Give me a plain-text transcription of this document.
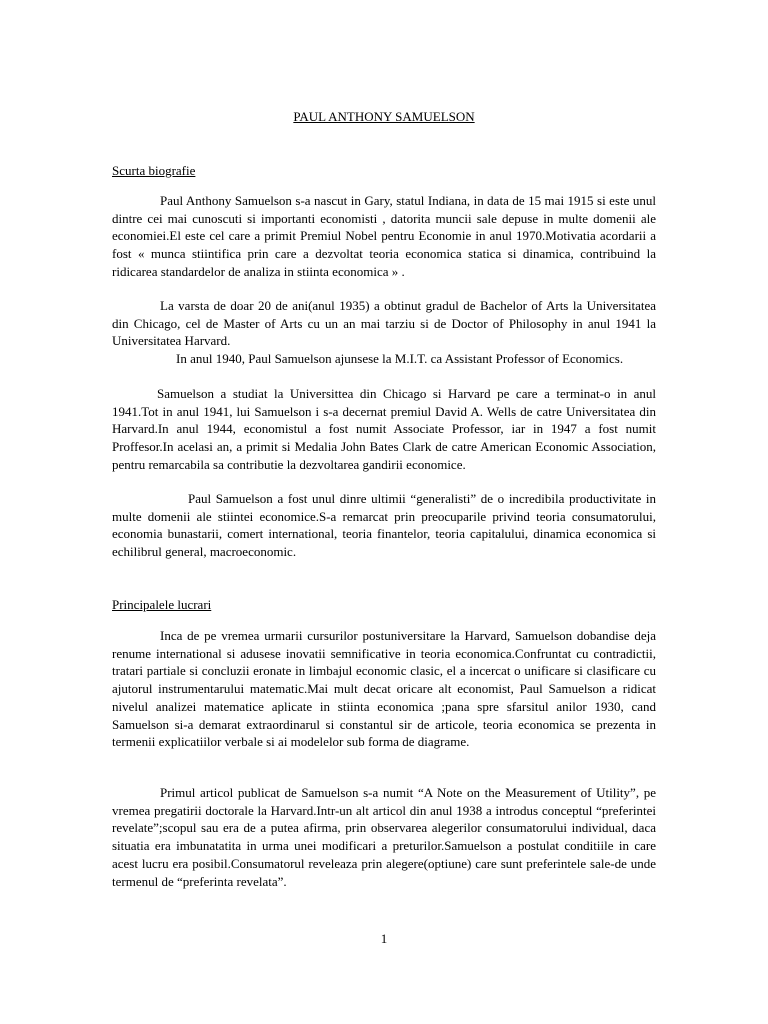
PAUL ANTHONY SAMUELSON
Scurta biografie

Paul Anthony Samuelson s-a nascut in Gary, statul Indiana, in data de 15 mai 1915 si este unul dintre cei mai cunoscuti si importanti economisti , datorita muncii sale depuse in multe domenii ale economiei.El este cel care a primit Premiul Nobel pentru Economie in anul 1970.Motivatia acordarii a fost « munca stiintifica prin care a dezvoltat teoria economica statica si dinamica, contribuind la ridicarea standardelor de analiza in stiinta economica » .

La varsta de doar 20 de ani(anul 1935) a obtinut gradul de Bachelor of Arts la Universitatea din Chicago, cel de Master of Arts cu un an mai tarziu si de Doctor of Philosophy in anul 1941 la Universitatea Harvard.

In anul 1940, Paul Samuelson ajunsese la M.I.T. ca Assistant Professor of Economics.

Samuelson a studiat la Universittea din Chicago si Harvard pe care a terminat-o in anul 1941.Tot in anul 1941, lui Samuelson i s-a decernat premiul David A. Wells de catre Universitatea din Harvard.In anul 1944, economistul a fost numit Associate Professor, iar in 1947 a fost numit Proffesor.In acelasi an, a primit si Medalia John Bates Clark de catre American Economic Association, pentru remarcabila sa contributie la dezvoltarea gandirii economice.

Paul Samuelson a fost unul dinre ultimii “generalisti” de o incredibila productivitate in multe domenii ale stiintei economice.S-a remarcat prin preocuparile privind teoria consumatorului, economia bunastarii, comert international, teoria finantelor, teoria capitalului, dinamica economica si echilibrul general, macroeconomic.

Principalele lucrari

Inca de pe vremea urmarii cursurilor postuniversitare la Harvard, Samuelson dobandise deja renume international si adusese inovatii semnificative in teoria economica.Confruntat cu contradictii, tratari partiale si concluzii eronate in limbajul economic clasic, el a incercat o unificare si clasificare cu ajutorul instrumentarului matematic.Mai mult decat oricare alt economist, Paul Samuelson a ridicat nivelul analizei matematice aplicate in stiinta economica ;pana spre sfarsitul anilor 1930, cand Samuelson si-a demarat extraordinarul si constantul sir de articole, teoria economica se prezenta in termenii explicatiilor verbale si ai modelelor sub forma de diagrame.

Primul articol publicat de Samuelson s-a numit “A Note on the Measurement of Utility”, pe vremea pregatirii doctorale la Harvard.Intr-un alt articol din anul 1938 a introdus conceptul “preferintei revelate”;scopul sau era de a putea afirma, prin observarea alegerilor consumatorului individual, daca situatia era imbunatatita in urma unei modificari a preturilor.Samuelson a postulat conditiile in care acest lucru era posibil.Consumatorul reveleaza prin alegere(optiune) care sunt preferintele sale-de unde termenul de “preferinta revelata”.

1
